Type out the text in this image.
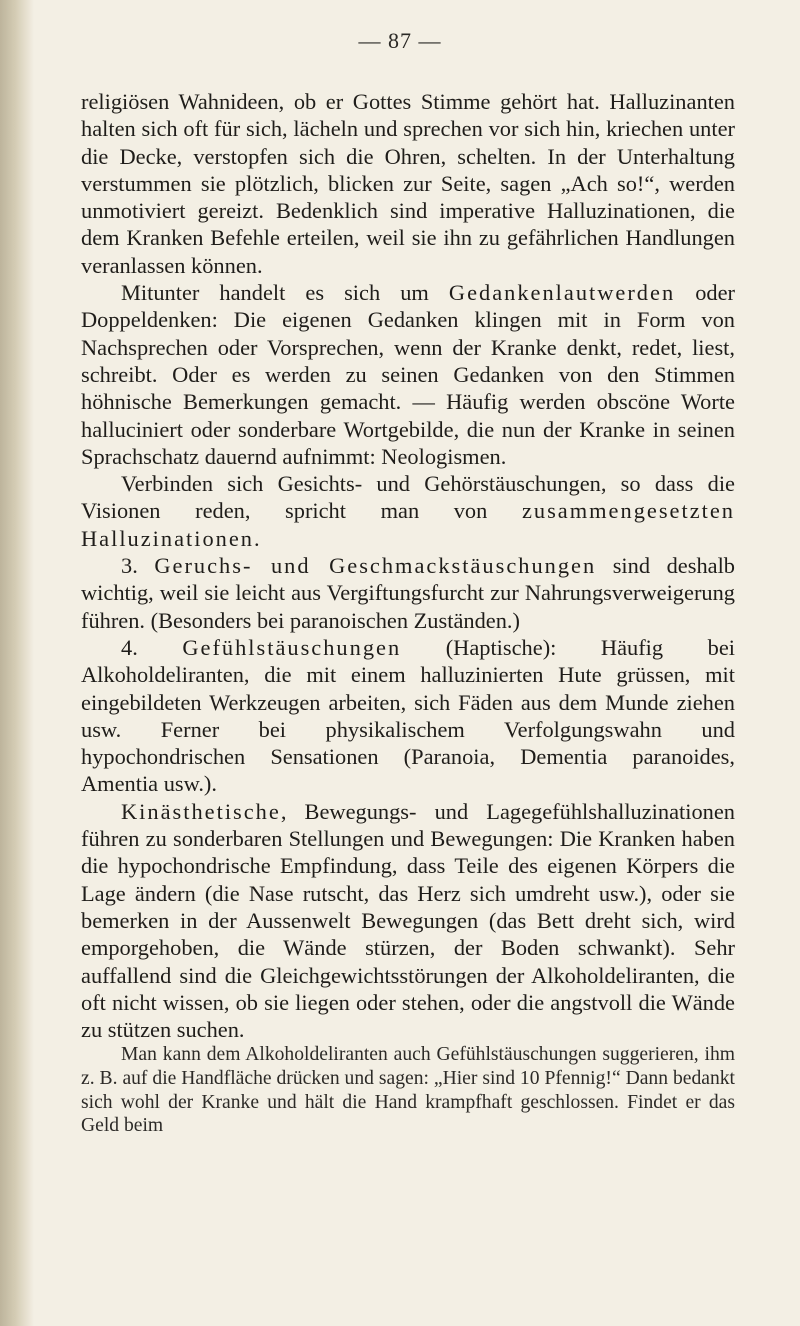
— 87 —

religiösen Wahnideen, ob er Gottes Stimme gehört hat. Halluzinanten halten sich oft für sich, lächeln und sprechen vor sich hin, kriechen unter die Decke, verstopfen sich die Ohren, schelten. In der Unterhaltung verstummen sie plötzlich, blicken zur Seite, sagen „Ach so!“, werden unmotiviert gereizt. Bedenklich sind imperative Halluzinationen, die dem Kranken Befehle erteilen, weil sie ihn zu gefährlichen Handlungen veranlassen können.

Mitunter handelt es sich um Gedankenlautwerden oder Doppeldenken: Die eigenen Gedanken klingen mit in Form von Nachsprechen oder Vorsprechen, wenn der Kranke denkt, redet, liest, schreibt. Oder es werden zu seinen Gedanken von den Stimmen höhnische Bemerkungen gemacht. — Häufig werden obscöne Worte halluciniert oder sonderbare Wortgebilde, die nun der Kranke in seinen Sprachschatz dauernd aufnimmt: Neologismen.

Verbinden sich Gesichts- und Gehörstäuschungen, so dass die Visionen reden, spricht man von zusammengesetzten Halluzinationen.

3. Geruchs- und Geschmackstäuschungen sind deshalb wichtig, weil sie leicht aus Vergiftungsfurcht zur Nahrungsverweigerung führen. (Besonders bei paranoischen Zuständen.)

4. Gefühlstäuschungen (Haptische): Häufig bei Alkoholdeliranten, die mit einem halluzinierten Hute grüssen, mit eingebildeten Werkzeugen arbeiten, sich Fäden aus dem Munde ziehen usw. Ferner bei physikalischem Verfolgungswahn und hypochondrischen Sensationen (Paranoia, Dementia paranoides, Amentia usw.).

Kinästhetische, Bewegungs- und Lagegefühlshalluzinationen führen zu sonderbaren Stellungen und Bewegungen: Die Kranken haben die hypochondrische Empfindung, dass Teile des eigenen Körpers die Lage ändern (die Nase rutscht, das Herz sich umdreht usw.), oder sie bemerken in der Aussenwelt Bewegungen (das Bett dreht sich, wird emporgehoben, die Wände stürzen, der Boden schwankt). Sehr auffallend sind die Gleichgewichtsstörungen der Alkoholdeliranten, die oft nicht wissen, ob sie liegen oder stehen, oder die angstvoll die Wände zu stützen suchen.

Man kann dem Alkoholdeliranten auch Gefühlstäuschungen suggerieren, ihm z. B. auf die Handfläche drücken und sagen: „Hier sind 10 Pfennig!“ Dann bedankt sich wohl der Kranke und hält die Hand krampfhaft geschlossen. Findet er das Geld beim
